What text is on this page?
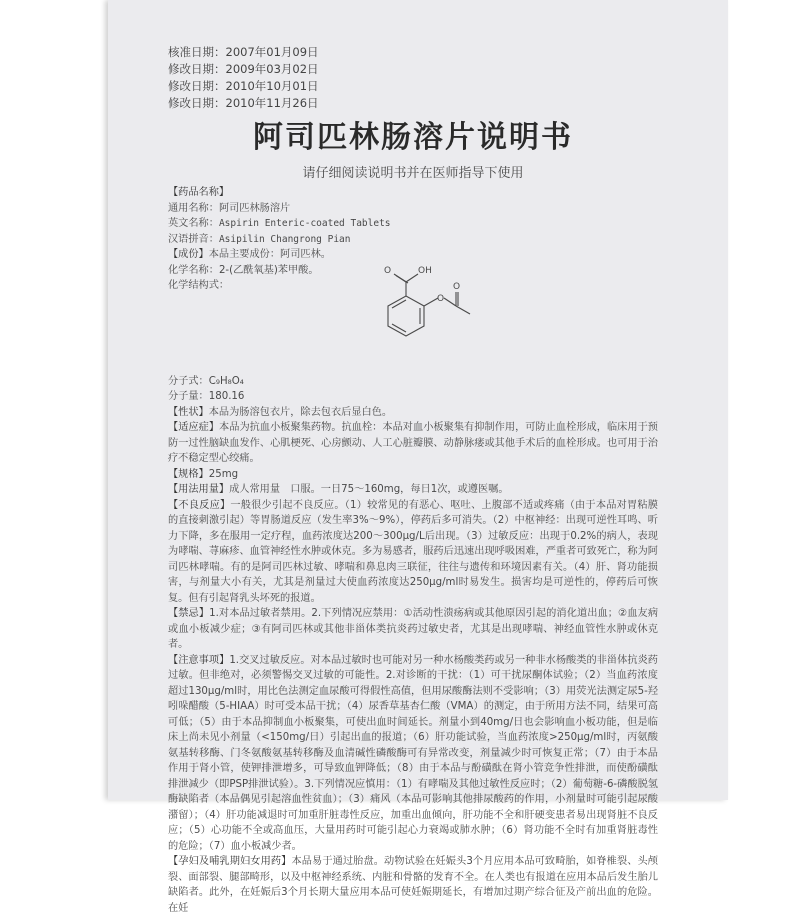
核准日期：2007年01月09日
修改日期：2009年03月02日
修改日期：2010年10月01日
修改日期：2010年11月26日
阿司匹林肠溶片说明书
请仔细阅读说明书并在医师指导下使用
【药品名称】
通用名称：阿司匹林肠溶片
英文名称：Aspirin Enteric-coated Tablets
汉语拼音：Asipilin Changrong Pian
【成份】本品主要成份：阿司匹林。
化学名称：2-(乙酰氧基)苯甲酸。
化学结构式：
O	OH
O
O
分子式：C₉H₈O₄
分子量：180.16
【性状】本品为肠溶包衣片，除去包衣后显白色。
【适应症】本品为抗血小板聚集药物。抗血栓：本品对血小板聚集有抑制作用，可防止血栓形成，临床用于预防一过性脑缺血发作、心肌梗死、心房颤动、人工心脏瓣膜、动静脉瘘或其他手术后的血栓形成。也可用于治疗不稳定型心绞痛。
【规格】25mg
【用法用量】成人常用量　口服。一日75～160mg，每日1次，或遵医嘱。
【不良反应】一般很少引起不良反应。（1）较常见的有恶心、呕吐、上腹部不适或疼痛（由于本品对胃粘膜的直接刺激引起）等胃肠道反应（发生率3%～9%），停药后多可消失。（2）中枢神经：出现可逆性耳鸣、听力下降，多在服用一定疗程，血药浓度达200～300μg/L后出现。（3）过敏反应：出现于0.2%的病人，表现为哮喘、荨麻疹、血管神经性水肿或休克。多为易感者，服药后迅速出现呼吸困难，严重者可致死亡，称为阿司匹林哮喘。有的是阿司匹林过敏、哮喘和鼻息肉三联征，往往与遗传和环境因素有关。（4）肝、肾功能损害，与剂量大小有关，尤其是剂量过大使血药浓度达250μg/ml时易发生。损害均是可逆性的，停药后可恢复。但有引起肾乳头坏死的报道。
【禁忌】1.对本品过敏者禁用。2.下列情况应禁用：①活动性溃疡病或其他原因引起的消化道出血；②血友病或血小板减少症；③有阿司匹林或其他非甾体类抗炎药过敏史者，尤其是出现哮喘、神经血管性水肿或休克者。
【注意事项】1.交叉过敏反应。对本品过敏时也可能对另一种水杨酸类药或另一种非水杨酸类的非甾体抗炎药过敏。但非绝对，必须警惕交叉过敏的可能性。2.对诊断的干扰：（1）可干扰尿酮体试验；（2）当血药浓度超过130μg/ml时，用比色法测定血尿酸可得假性高值，但用尿酸酶法则不受影响；（3）用荧光法测定尿5-羟吲哚醋酸（5-HIAA）时可受本品干扰；（4）尿香草基杏仁酸（VMA）的测定，由于所用方法不同，结果可高可低；（5）由于本品抑制血小板聚集，可使出血时间延长。剂量小到40mg/日也会影响血小板功能，但是临床上尚未见小剂量（<150mg/日）引起出血的报道；（6）肝功能试验，当血药浓度>250μg/ml时，丙氨酸氨基转移酶、门冬氨酸氨基转移酶及血清碱性磷酸酶可有异常改变，剂量减少时可恢复正常；（7）由于本品作用于肾小管，使钾排泄增多，可导致血钾降低；（8）由于本品与酚磺酞在肾小管竞争性排泄，而使酚磺酞排泄减少（即PSP排泄试验）。3.下列情况应慎用：（1）有哮喘及其他过敏性反应时；（2）葡萄糖-6-磷酸脱氢酶缺陷者（本品偶见引起溶血性贫血）；（3）痛风（本品可影响其他排尿酸药的作用，小剂量时可能引起尿酸潴留）；（4）肝功能减退时可加重肝脏毒性反应，加重出血倾向，肝功能不全和肝硬变患者易出现肾脏不良反应；（5）心功能不全或高血压，大量用药时可能引起心力衰竭或肺水肿；（6）肾功能不全时有加重肾脏毒性的危险；（7）血小板减少者。
【孕妇及哺乳期妇女用药】本品易于通过胎盘。动物试验在妊娠头3个月应用本品可致畸胎，如脊椎裂、头颅裂、面部裂、腿部畸形，以及中枢神经系统、内脏和骨骼的发育不全。在人类也有报道在应用本品后发生胎儿缺陷者。此外，在妊娠后3个月长期大量应用本品可使妊娠期延长，有增加过期产综合征及产前出血的危险。在妊
